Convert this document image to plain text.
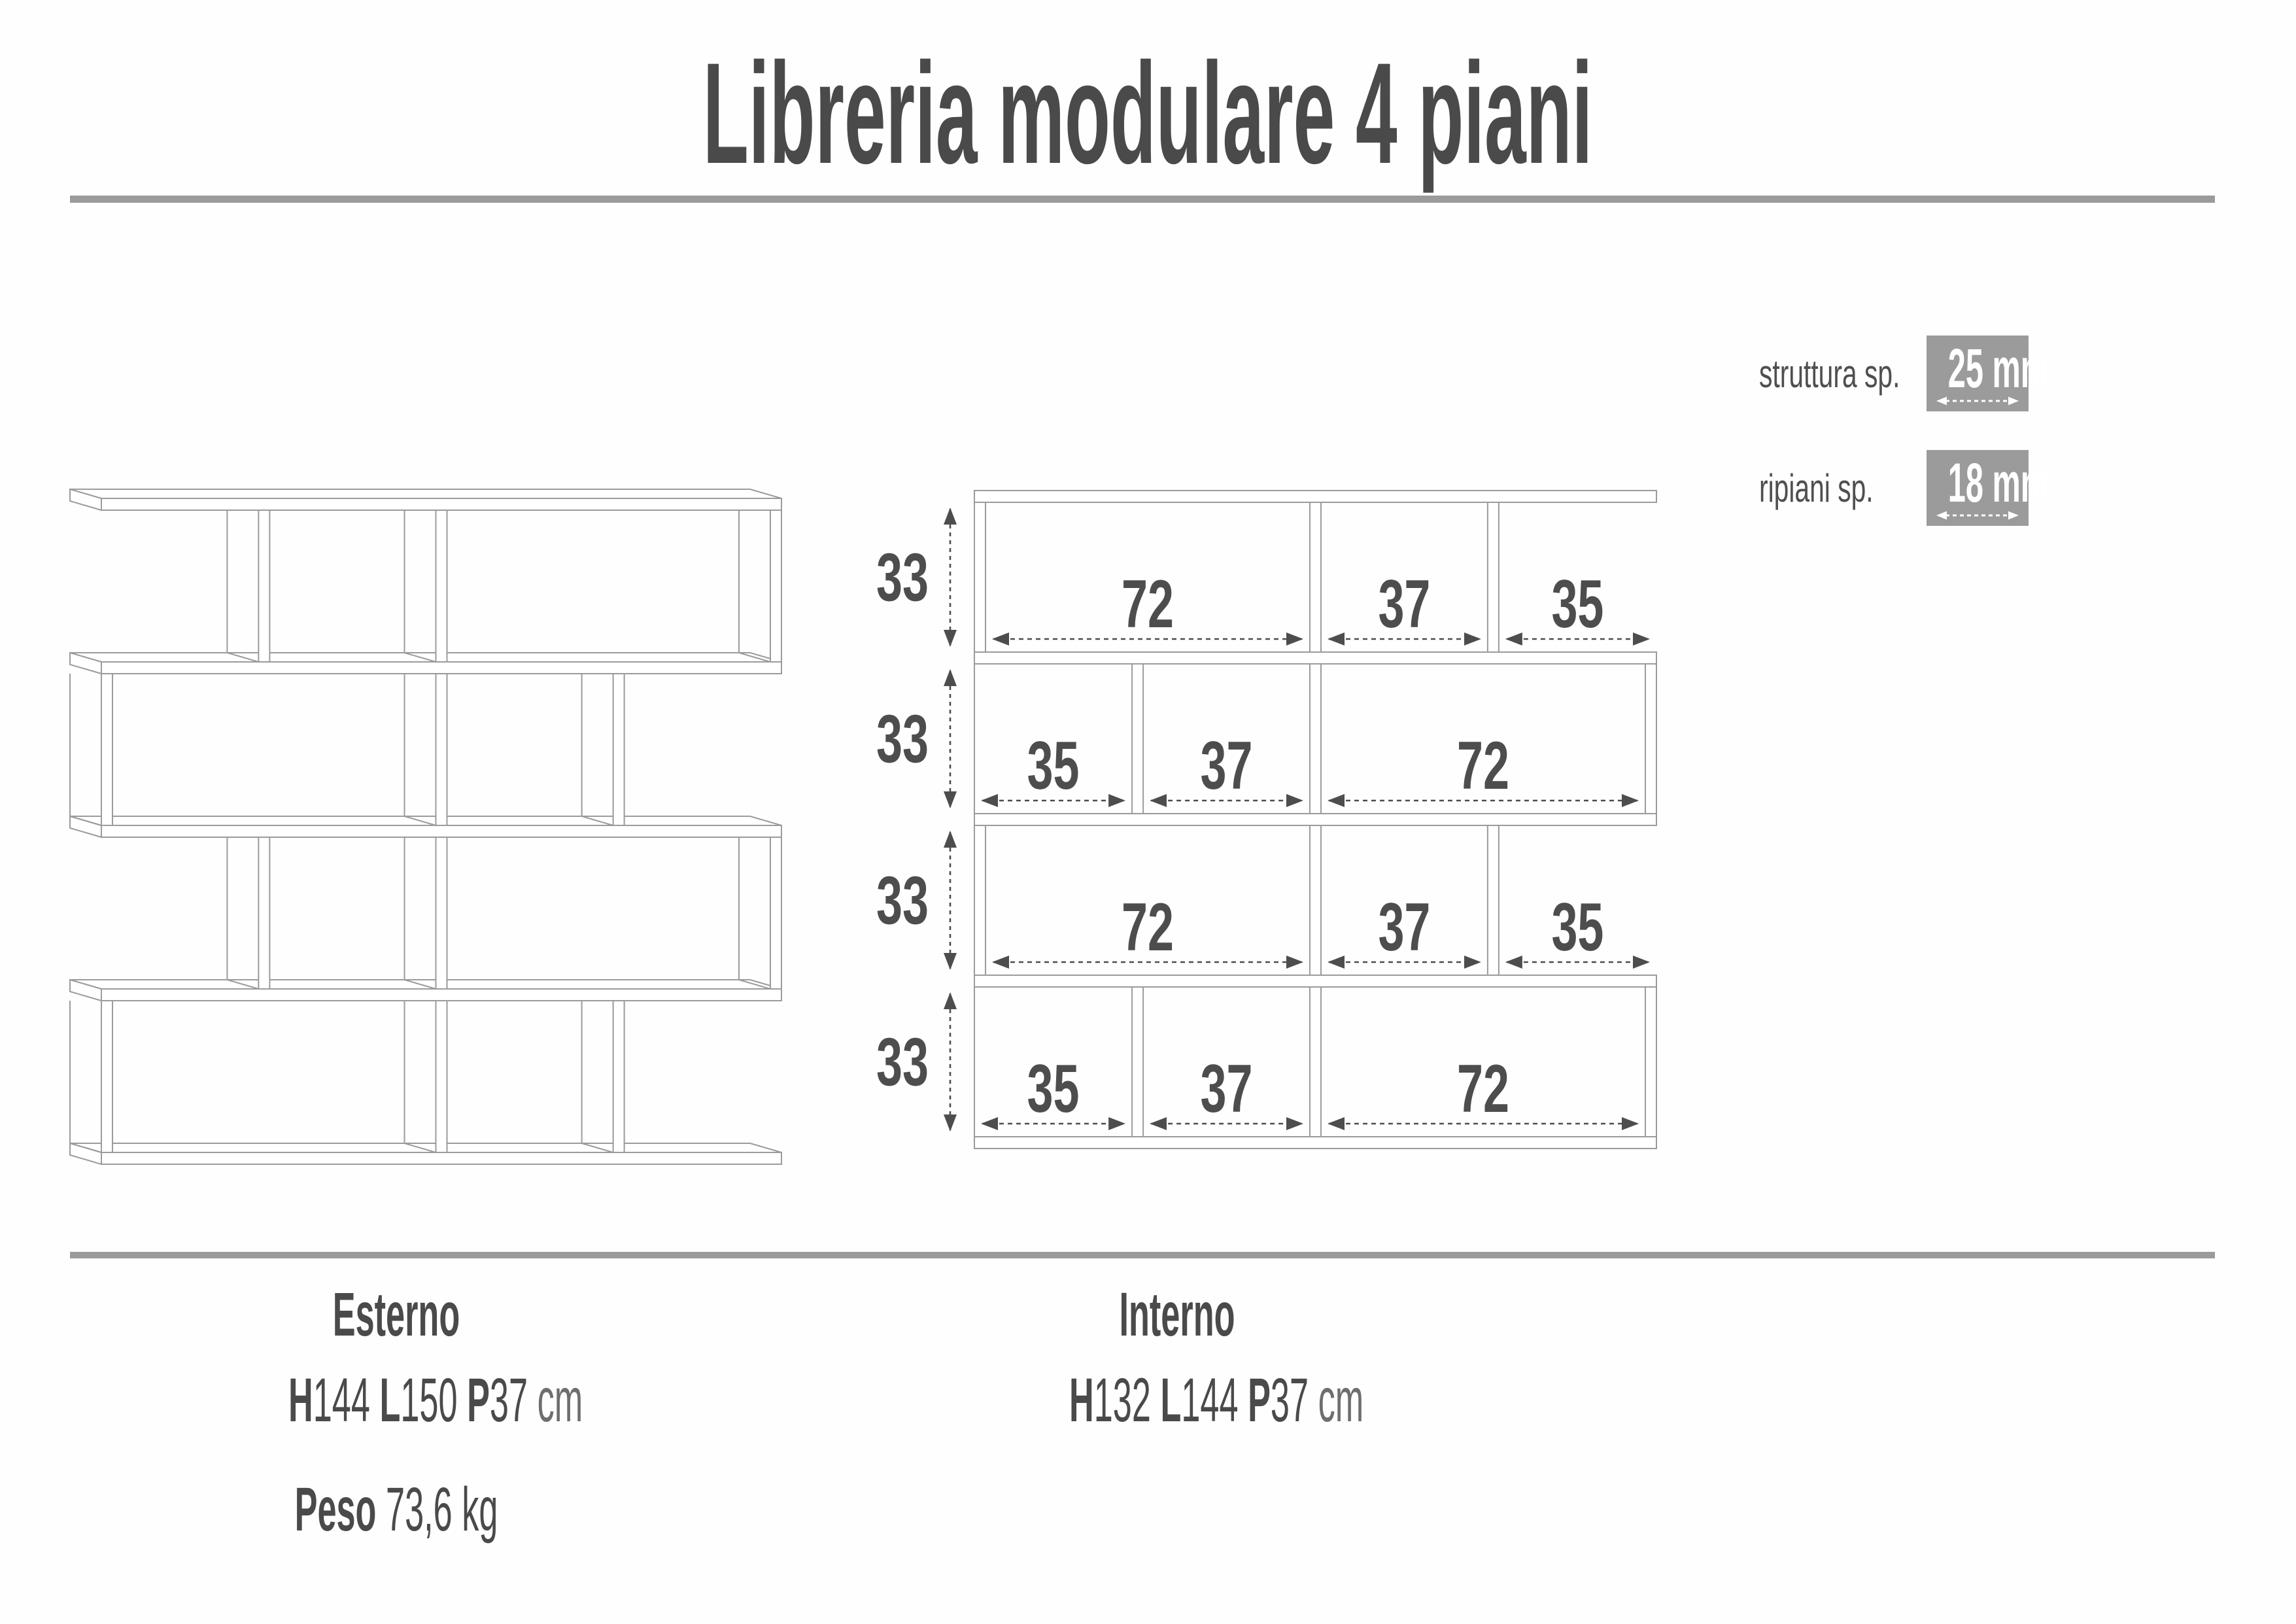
Libreria modulare 4 piani
struttura sp. 25 mm
ripiani sp. 18 mm
33	72	37 35
33 35 37	72
33	72	37 35
33 35 37	72
Esterno
H144 L150 P37 cm
Peso 73,6 kg
Interno
H132 L144 P37 cm
